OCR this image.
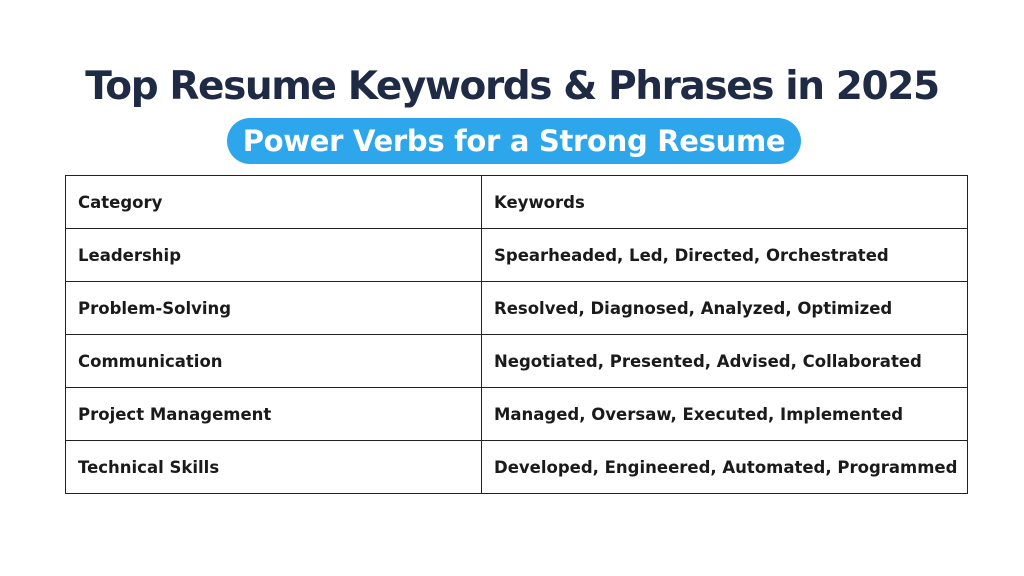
Top Resume Keywords & Phrases in 2025
Power Verbs for a Strong Resume
Category	Keywords
Leadership	Spearheaded, Led, Directed, Orchestrated
Problem-Solving	Resolved, Diagnosed, Analyzed, Optimized
Communication	Negotiated, Presented, Advised, Collaborated
Project Management	Managed, Oversaw, Executed, Implemented
Technical Skills	Developed, Engineered, Automated, Programmed
